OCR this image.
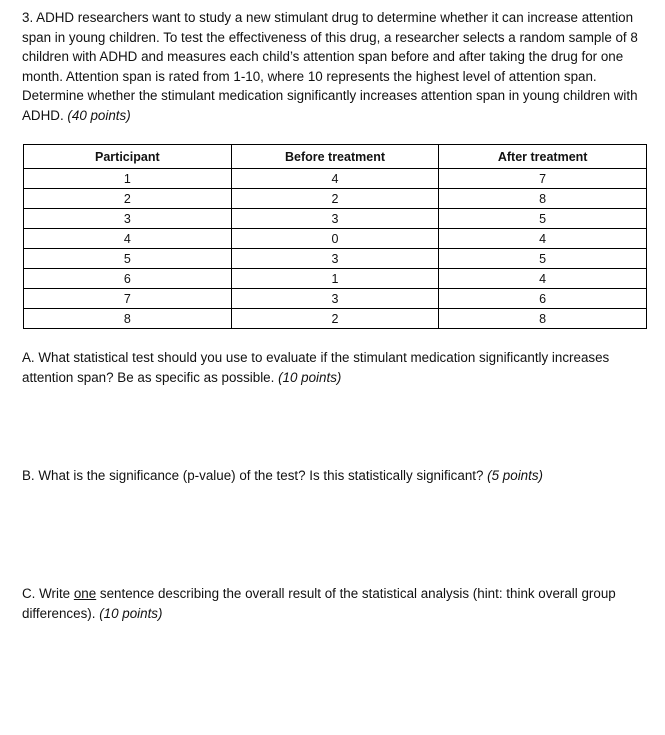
3. ADHD researchers want to study a new stimulant drug to determine whether it can increase attention span in young children. To test the effectiveness of this drug, a researcher selects a random sample of 8 children with ADHD and measures each child’s attention span before and after taking the drug for one month. Attention span is rated from 1-10, where 10 represents the highest level of attention span. Determine whether the stimulant medication significantly increases attention span in young children with ADHD. (40 points)
Participant	Before treatment	After treatment
1	4	7
2	2	8
3	3	5
4	0	4
5	3	5
6	1	4
7	3	6
8	2	8
A. What statistical test should you use to evaluate if the stimulant medication significantly increases attention span? Be as specific as possible. (10 points)
B. What is the significance (p-value) of the test? Is this statistically significant? (5 points)
C. Write one sentence describing the overall result of the statistical analysis (hint: think overall group differences). (10 points)
